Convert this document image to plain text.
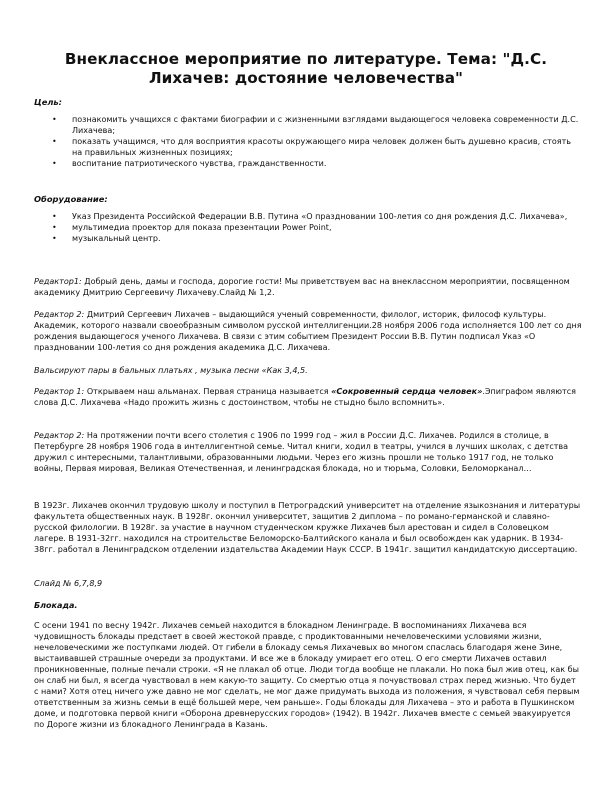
Внеклассное мероприятие по литературе. Тема: "Д.С. Лихачев: достояние человечества"
Цель:
• познакомить учащихся с фактами биографии и с жизненными взглядами выдающегося человека современности Д.С. Лихачева;
• показать учащимся, что для восприятия красоты окружающего мира человек должен быть душевно красив, стоять на правильных жизненных позициях;
• воспитание патриотического чувства, гражданственности.
Оборудование:
• Указ Президента Российской Федерации В.В. Путина «О праздновании 100-летия со дня рождения Д.С. Лихачева»,
• мультимедиа проектор для показа презентации Power Point,
• музыкальный центр.

Редактор1: Добрый день, дамы и господа, дорогие гости! Мы приветствуем вас на внеклассном мероприятии, посвященном академику Дмитрию Сергеевичу Лихачеву.Слайд № 1,2.

Редактор 2: Дмитрий Сергеевич Лихачев – выдающийся ученый современности, филолог, историк, философ культуры. Академик, которого назвали своеобразным символом русской интеллигенции.28 ноября 2006 года исполняется 100 лет со дня рождения выдающегося ученого Лихачева. В связи с этим событием Президент России В.В. Путин подписал Указ «О праздновании 100-летия со дня рождения академика Д.С. Лихачева.

Вальсируют пары в бальных платьях , музыка песни «Как 3,4,5.

Редактор 1: Открываем наш альманах. Первая страница называется «Сокровенный сердца человек».Эпиграфом являются слова Д.С. Лихачева «Надо прожить жизнь с достоинством, чтобы не стыдно было вспомнить».

Редактор 2: На протяжении почти всего столетия с 1906 по 1999 год – жил в России Д.С. Лихачев. Родился в столице, в Петербурге 28 ноября 1906 года в интеллигентной семье. Читал книги, ходил в театры, учился в лучших школах, с детства дружил с интересными, талантливыми, образованными людьми. Через его жизнь прошли не только 1917 год, не только войны, Первая мировая, Великая Отечественная, и ленинградская блокада, но и тюрьма, Соловки, Беломорканал…

В 1923г. Лихачев окончил трудовую школу и поступил в Петроградский университет на отделение языкознания и литературы факультета общественных наук. В 1928г. окончил университет, защитив 2 диплома – по романо-германской и славяно-русской филологии. В 1928г. за участие в научном студенческом кружке Лихачев был арестован и сидел в Соловецком лагере. В 1931-32гг. находился на строительстве Беломорско-Балтийского канала и был освобожден как ударник. В 1934-38гг. работал в Ленинградском отделении издательства Академии Наук СССР. В 1941г. защитил кандидатскую диссертацию.

Слайд № 6,7,8,9

Блокада.

С осени 1941 по весну 1942г. Лихачев семьей находится в блокадном Ленинграде. В воспоминаниях Лихачева вся чудовищность блокады предстает в своей жестокой правде, с продиктованными нечеловеческими условиями жизни, нечеловеческими же поступками людей. От гибели в блокаду семья Лихачевых во многом спаслась благодаря жене Зине, выстаивавшей страшные очереди за продуктами. И все же в блокаду умирает его отец. О его смерти Лихачев оставил проникновенные, полные печали строки. «Я не плакал об отце. Люди тогда вообще не плакали. Но пока был жив отец, как бы он слаб ни был, я всегда чувствовал в нем какую-то защиту. Со смертью отца я почувствовал страх перед жизнью. Что будет с нами? Хотя отец ничего уже давно не мог сделать, не мог даже придумать выхода из положения, я чувствовал себя первым ответственным за жизнь семьи в ещё большей мере, чем раньше». Годы блокады для Лихачева – это и работа в Пушкинском доме, и подготовка первой книги «Оборона древнерусских городов» (1942). В 1942г. Лихачев вместе с семьей эвакуируется по Дороге жизни из блокадного Ленинграда в Казань.
